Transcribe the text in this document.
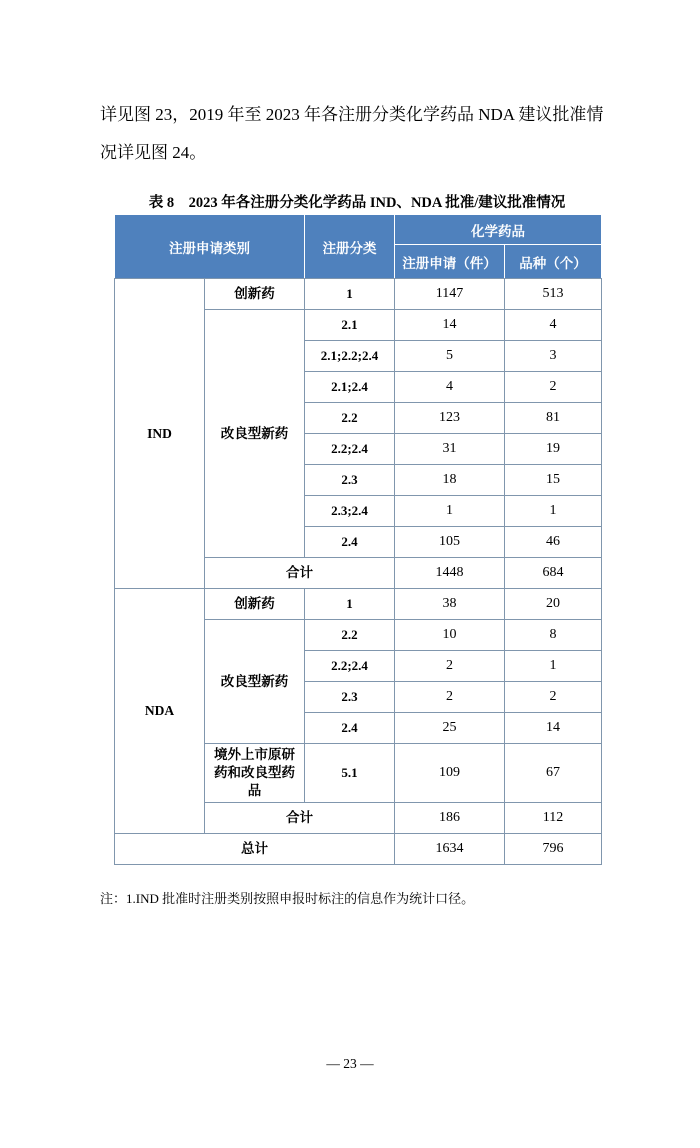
详见图 23，2019 年至 2023 年各注册分类化学药品 NDA 建议批准情
况详见图 24。
表 8　2023 年各注册分类化学药品 IND、NDA 批准/建议批准情况
注册申请类别		注册分类	化学药品	
			注册申请（件）	品种（个）
IND	创新药	1	1147	513
	改良型新药	2.1	14	4
		2.1;2.2;2.4	5	3
		2.1;2.4	4	2
		2.2	123	81
		2.2;2.4	31	19
		2.3	18	15
		2.3;2.4	1	1
		2.4	105	46
	合计		1448	684
NDA	创新药	1	38	20
	改良型新药	2.2	10	8
		2.2;2.4	2	1
		2.3	2	2
		2.4	25	14
	境外上市原研药和改良型药品	5.1	109	67
	合计		186	112
总计			1634	796
注：1.IND 批准时注册类别按照申报时标注的信息作为统计口径。
— 23 —
